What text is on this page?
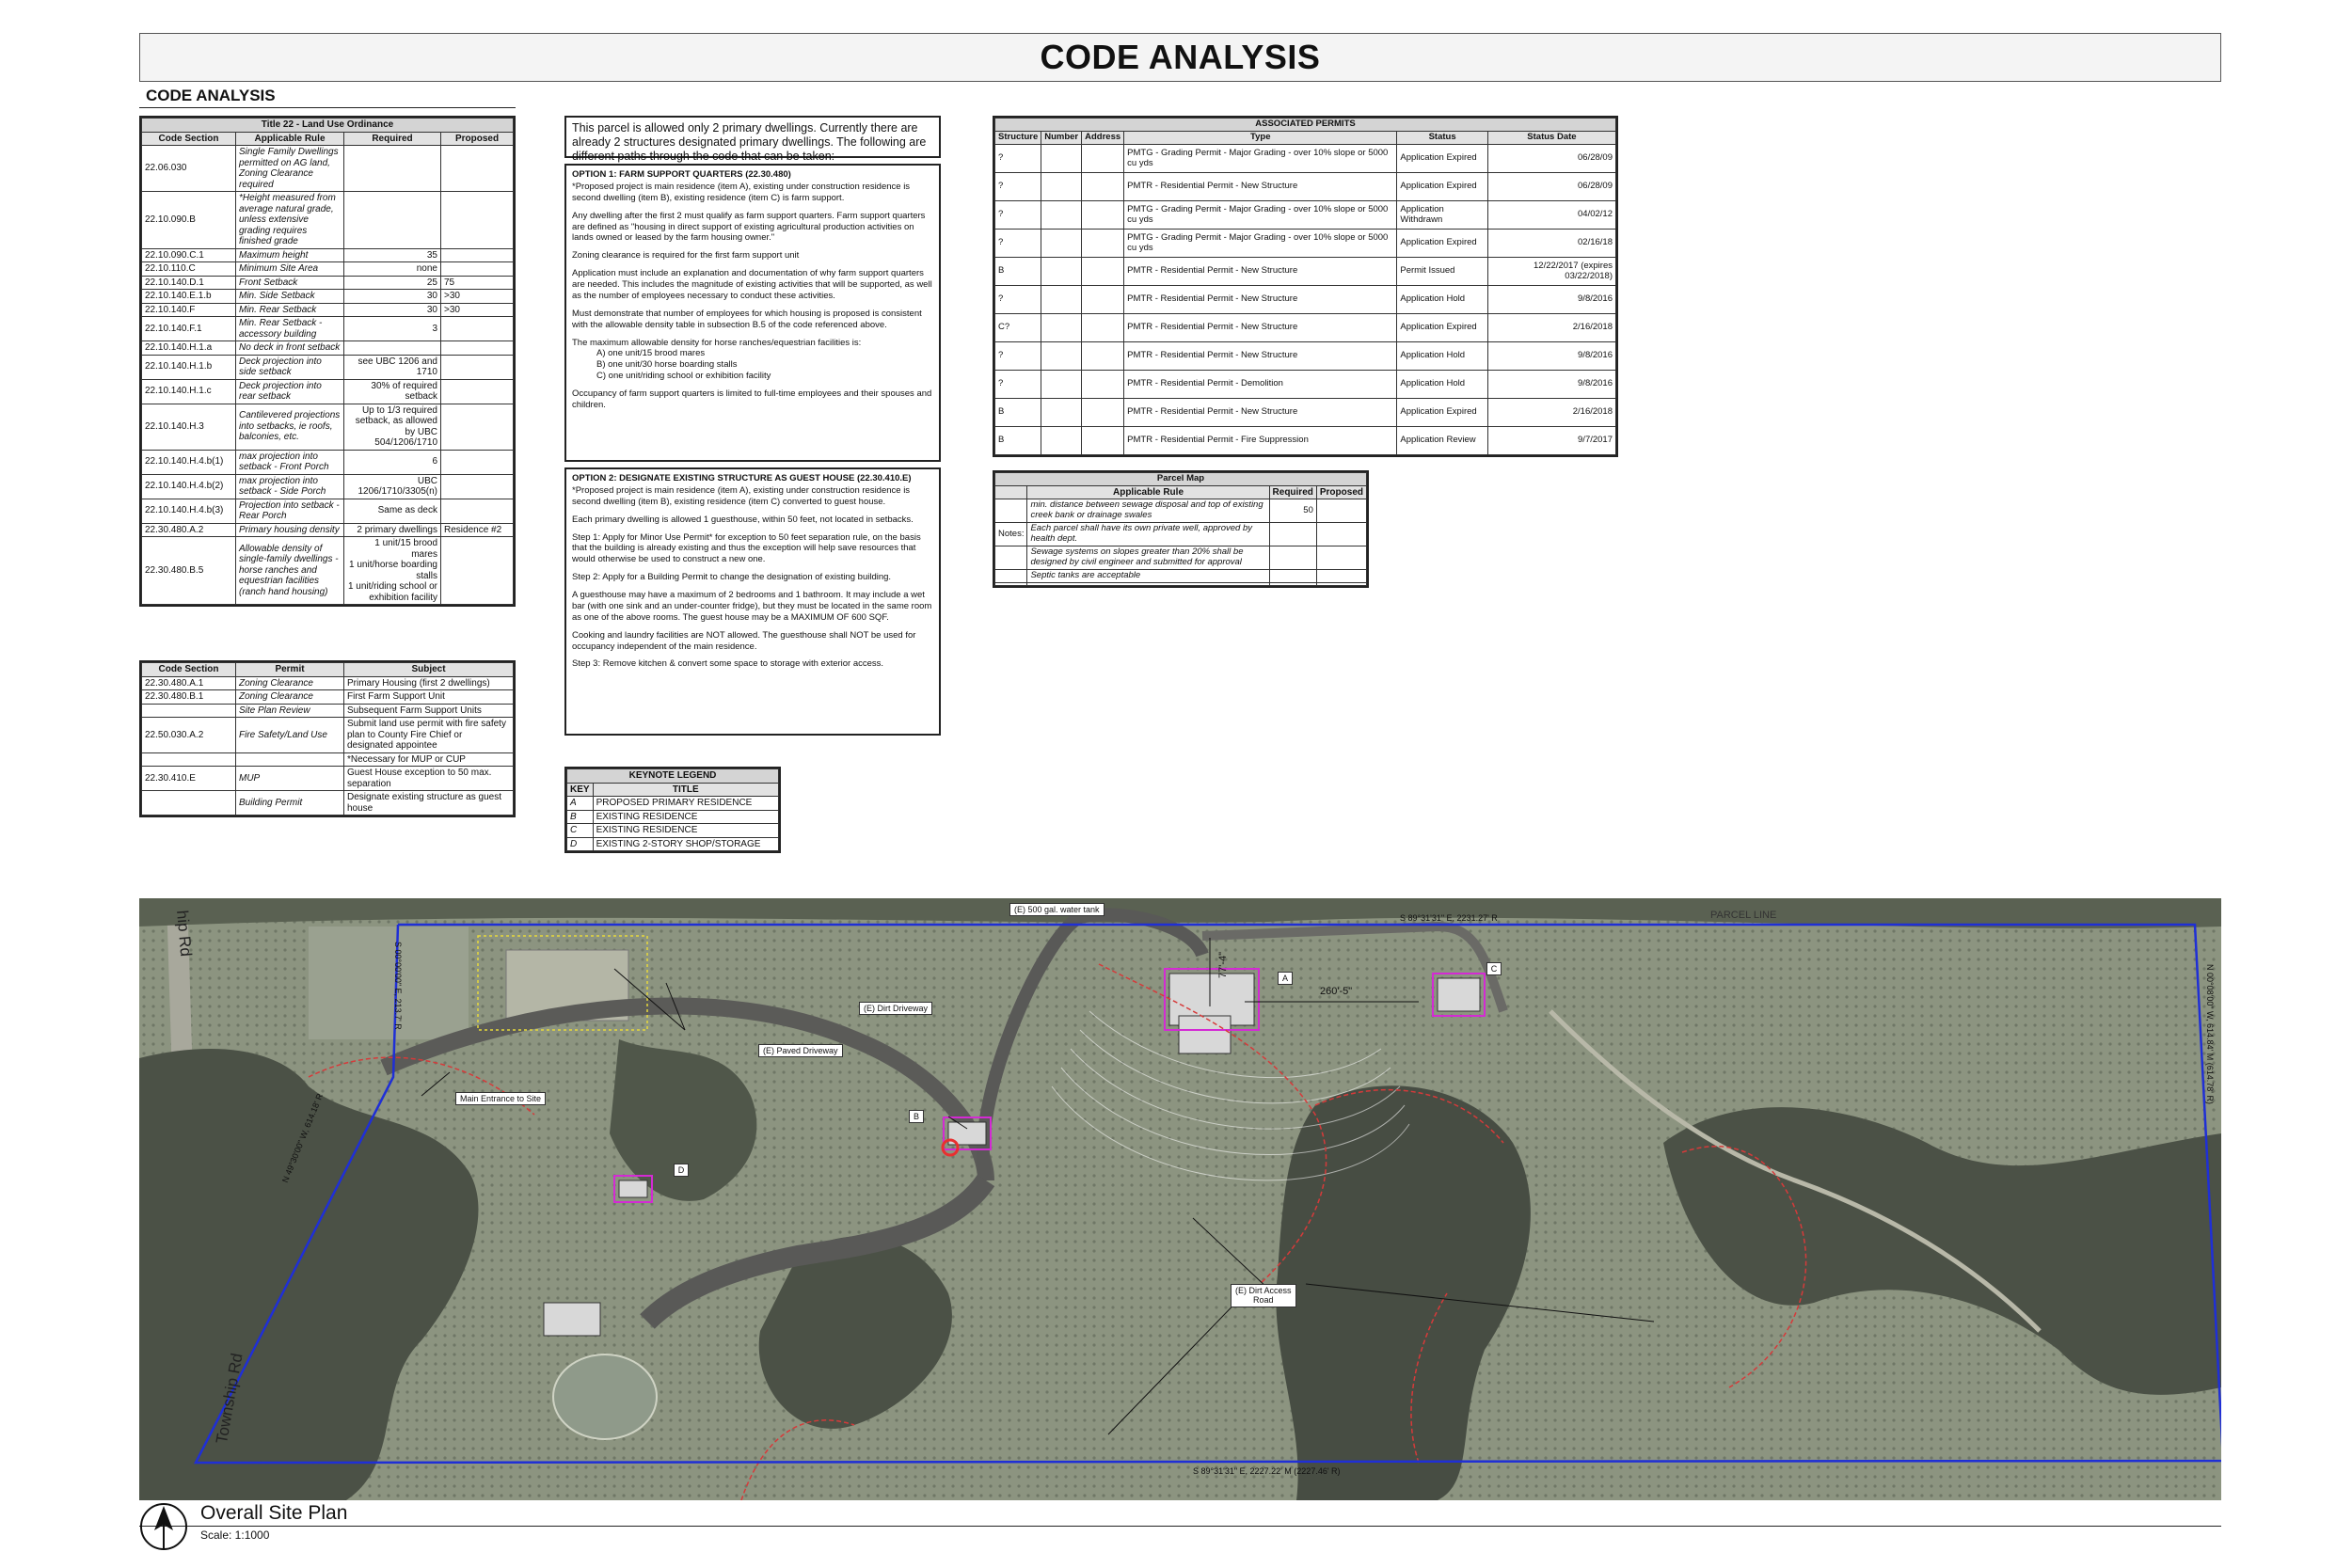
CODE ANALYSIS
CODE ANALYSIS
Title 22 - Land Use Ordinance			
Code Section	Applicable Rule	Required	Proposed
22.06.030	Single Family Dwellings permitted on AG land, Zoning Clearance required		
22.10.090.B	*Height measured from average natural grade, unless extensive grading requires finished grade		
22.10.090.C.1	Maximum height	35	
22.10.110.C	Minimum Site Area	none	
22.10.140.D.1	Front Setback	25	75
22.10.140.E.1.b	Min. Side Setback	30	>30
22.10.140.F	Min. Rear Setback	30	>30
22.10.140.F.1	Min. Rear Setback - accessory building	3	
22.10.140.H.1.a	No deck in front setback		
22.10.140.H.1.b	Deck projection into side setback	see UBC 1206 and 1710	
22.10.140.H.1.c	Deck projection into rear setback	30% of required setback	
22.10.140.H.3	Cantilevered projections into setbacks, ie roofs, balconies, etc.	Up to 1/3 required setback, as allowed by UBC 504/1206/1710	
22.10.140.H.4.b(1)	max projection into setback - Front Porch	6	
22.10.140.H.4.b(2)	max projection into setback - Side Porch	UBC 1206/1710/3305(n)	
22.10.140.H.4.b(3)	Projection into setback - Rear Porch	Same as deck	
22.30.480.A.2	Primary housing density	2 primary dwellings	Residence #2
22.30.480.B.5	Allowable density of single-family dwellings - horse ranches and equestrian facilities (ranch hand housing)	1 unit/15 brood mares
1 unit/horse boarding stalls
1 unit/riding school or exhibition facility	
Code Section	Permit	Subject
22.30.480.A.1	Zoning Clearance	Primary Housing (first 2 dwellings)
22.30.480.B.1	Zoning Clearance	First Farm Support Unit
	Site Plan Review	Subsequent Farm Support Units
22.50.030.A.2	Fire Safety/Land Use	Submit land use permit with fire safety plan to County Fire Chief or designated appointee
		*Necessary for MUP or CUP
22.30.410.E	MUP	Guest House exception to 50 max. separation
	Building Permit	Designate existing structure as guest house
This parcel is allowed only 2 primary dwellings. Currently there are already 2 structures designated primary dwellings. The following are different paths through the code that can be taken:

OPTION 1: FARM SUPPORT QUARTERS (22.30.480)

*Proposed project is main residence (item A), existing under construction residence is second dwelling (item B), existing residence (item C) is farm support.

Any dwelling after the first 2 must qualify as farm support quarters. Farm support quarters are defined as "housing in direct support of existing agricultural production activities on lands owned or leased by the farm housing owner."

Zoning clearance is required for the first farm support unit

Application must include an explanation and documentation of why farm support quarters are needed. This includes the magnitude of existing activities that will be supported, as well as the number of employees necessary to conduct these activities.

Must demonstrate that number of employees for which housing is proposed is consistent with the allowable density table in subsection B.5 of the code referenced above.

The maximum allowable density for horse ranches/equestrian facilities is:

A) one unit/15 brood mares
B) one unit/30 horse boarding stalls
C) one unit/riding school or exhibition facility

Occupancy of farm support quarters is limited to full-time employees and their spouses and children.

OPTION 2: DESIGNATE EXISTING STRUCTURE AS GUEST HOUSE (22.30.410.E)

*Proposed project is main residence (item A), existing under construction residence is second dwelling (item B), existing residence (item C) converted to guest house.

Each primary dwelling is allowed 1 guesthouse, within 50 feet, not located in setbacks.

Step 1: Apply for Minor Use Permit* for exception to 50 feet separation rule, on the basis that the building is already existing and thus the exception will help save resources that would otherwise be used to construct a new one.

Step 2: Apply for a Building Permit to change the designation of existing building.

A guesthouse may have a maximum of 2 bedrooms and 1 bathroom. It may include a wet bar (with one sink and an under-counter fridge), but they must be located in the same room as one of the above rooms. The guest house may be a MAXIMUM OF 600 SQF.

Cooking and laundry facilities are NOT allowed. The guesthouse shall NOT be used for occupancy independent of the main residence.

Step 3: Remove kitchen & convert some space to storage with exterior access.

KEYNOTE LEGEND	
KEY	TITLE
A	PROPOSED PRIMARY RESIDENCE
B	EXISTING RESIDENCE
C	EXISTING RESIDENCE
D	EXISTING 2-STORY SHOP/STORAGE
ASSOCIATED PERMITS					
Structure	Number	Address	Type	Status	Status Date
?			PMTG - Grading Permit - Major Grading - over 10% slope or 5000 cu yds	Application Expired	06/28/09
?			PMTR - Residential Permit - New Structure	Application Expired	06/28/09
?			PMTG - Grading Permit - Major Grading - over 10% slope or 5000 cu yds	Application Withdrawn	04/02/12
?			PMTG - Grading Permit - Major Grading - over 10% slope or 5000 cu yds	Application Expired	02/16/18
B			PMTR - Residential Permit - New Structure	Permit Issued	12/22/2017 (expires 03/22/2018)
?			PMTR - Residential Permit - New Structure	Application Hold	9/8/2016
C?			PMTR - Residential Permit - New Structure	Application Expired	2/16/2018
?			PMTR - Residential Permit - New Structure	Application Hold	9/8/2016
?			PMTR - Residential Permit - Demolition	Application Hold	9/8/2016
B			PMTR - Residential Permit - New Structure	Application Expired	2/16/2018
B			PMTR - Residential Permit - Fire Suppression	Application Review	9/7/2017
Parcel Map			
	Applicable Rule	Required	Proposed
	min. distance between sewage disposal and top of existing creek bank or drainage swales	50	
Notes:	Each parcel shall have its own private well, approved by health dept.		
	Sewage systems on slopes greater than 20% shall be designed by civil engineer and submitted for approval		
	Septic tanks are acceptable		

(E) 500 gal. water tank
(E) Dirt Driveway
(E) Paved Driveway
Main Entrance to Site
(E) Dirt Access
Road
A
B
C
D
hip Rd
Township Rd
PARCEL LINE
S 89°31'31" E, 2231.27' R
S 89°31'31" E, 2227.22' M (2227.46' R)
S 00°00'00" E, 213.7' R
N 49°30'00" W, 614.18' R
N 00°08'00" W, 614.84' M (614.78' R)
77'-4"
260'-5"
Overall Site Plan
Scale: 1:1000
